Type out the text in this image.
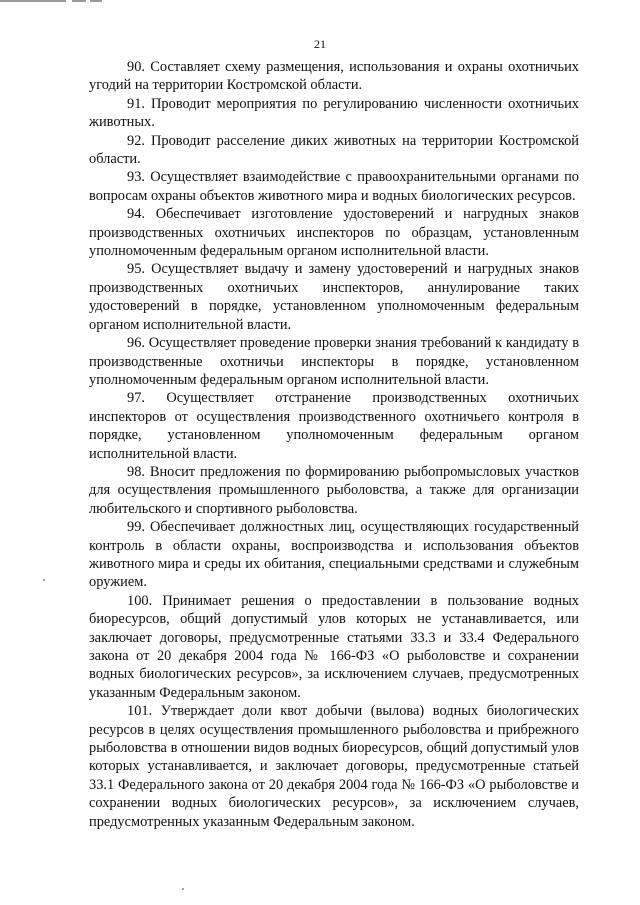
21

90. Составляет схему размещения, использования и охраны охотничьих угодий на территории Костромской области.

91. Проводит мероприятия по регулированию численности охотничьих животных.

92. Проводит расселение диких животных на территории Костромской области.

93. Осуществляет взаимодействие с правоохранительными органами по вопросам охраны объектов животного мира и водных биологических ресурсов.

94. Обеспечивает изготовление удостоверений и нагрудных знаков производственных охотничьих инспекторов по образцам, установленным уполномоченным федеральным органом исполнительной власти.

95. Осуществляет выдачу и замену удостоверений и нагрудных знаков производственных охотничьих инспекторов, аннулирование таких удостоверений в порядке, установленном уполномоченным федеральным органом исполнительной власти.

96. Осуществляет проведение проверки знания требований к кандидату в производственные охотничьи инспекторы в порядке, установленном уполномоченным федеральным органом исполнительной власти.

97. Осуществляет отстранение производственных охотничьих инспекторов от осуществления производственного охотничьего контроля в порядке, установленном уполномоченным федеральным органом исполнительной власти.

98. Вносит предложения по формированию рыбопромысловых участков для осуществления промышленного рыболовства, а также для организации любительского и спортивного рыболовства.

99. Обеспечивает должностных лиц, осуществляющих государственный контроль в области охраны, воспроизводства и использования объектов животного мира и среды их обитания, специальными средствами и служебным оружием.

100. Принимает решения о предоставлении в пользование водных биоресурсов, общий допустимый улов которых не устанавливается, или заключает договоры, предусмотренные статьями 33.3 и 33.4 Федерального закона от 20 декабря 2004 года № 166-ФЗ «О рыболовстве и сохранении водных биологических ресурсов», за исключением случаев, предусмотренных указанным Федеральным законом.

101. Утверждает доли квот добычи (вылова) водных биологических ресурсов в целях осуществления промышленного рыболовства и прибрежного рыболовства в отношении видов водных биоресурсов, общий допустимый улов которых устанавливается, и заключает договоры, предусмотренные статьей 33.1 Федерального закона от 20 декабря 2004 года № 166-ФЗ «О рыболовстве и сохранении водных биологических ресурсов», за исключением случаев, предусмотренных указанным Федеральным законом.
